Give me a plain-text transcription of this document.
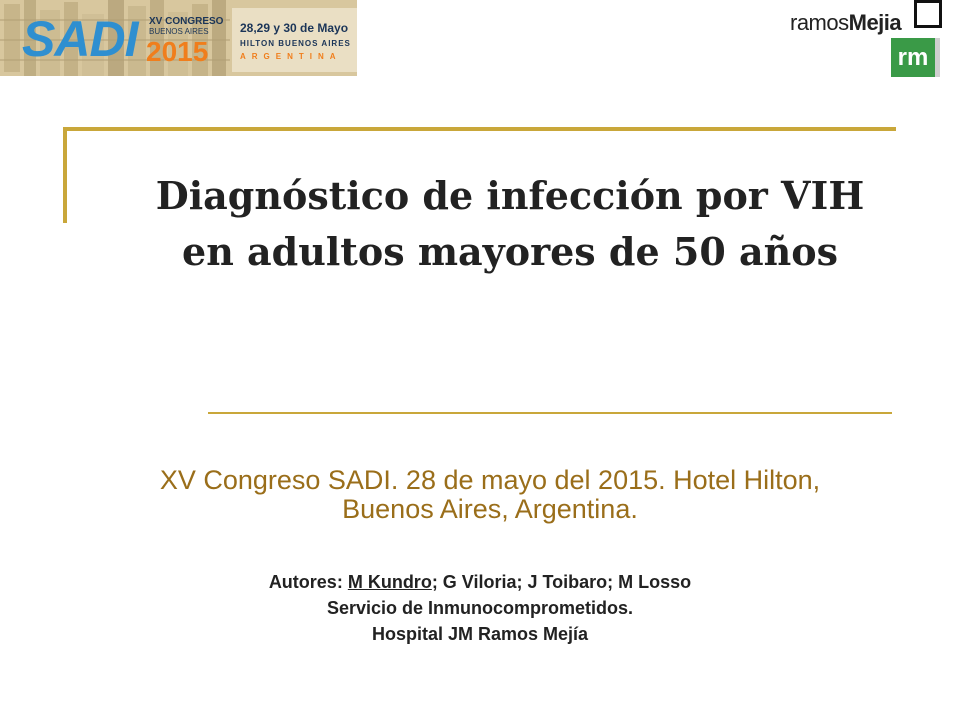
SADI XV CONGRESO
BUENOS AIRES
2015
28,29 y 30 de Mayo
HILTON BUENOS AIRES
ARGENTINA
ramosMejia
rm
Diagnóstico de infección por VIH
en adultos mayores de 50 años
XV Congreso SADI. 28 de mayo del 2015. Hotel Hilton,
Buenos Aires, Argentina.
Autores: M Kundro; G Viloria; J Toibaro; M Losso
Servicio de Inmunocomprometidos.
Hospital JM Ramos Mejía
